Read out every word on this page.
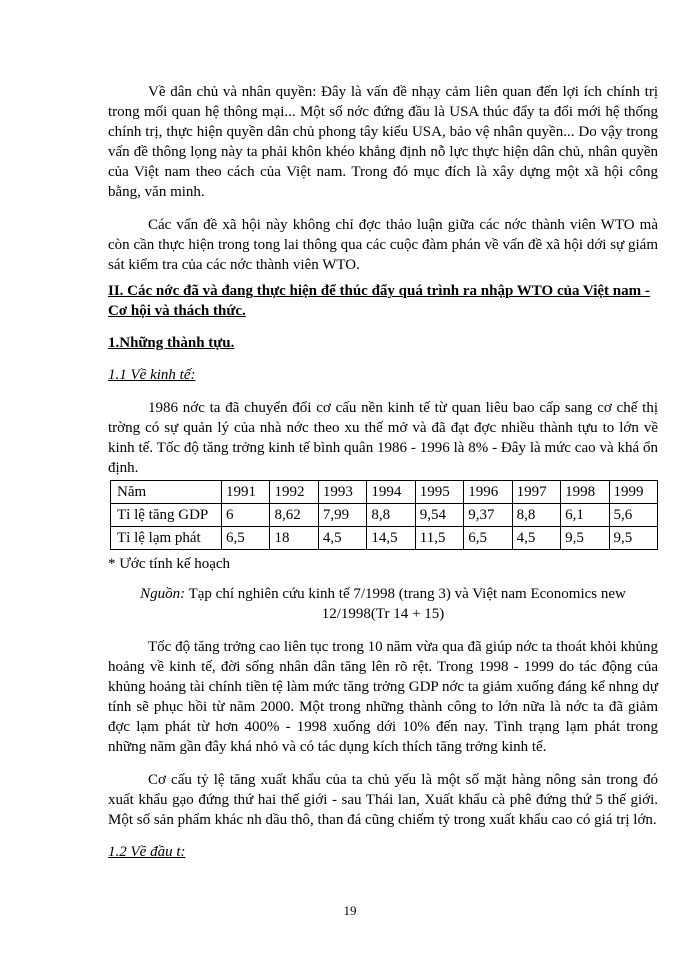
Về dân chủ và nhân quyền: Đây là vấn đề nhạy cảm liên quan đến lợi ích chính trị trong mối quan hệ thông mại... Một số nớc đứng đầu là USA thúc đẩy ta đổi mới hệ thống chính trị, thực hiện quyền dân chủ phong tây kiểu USA, bảo vệ nhân quyền... Do vậy trong vấn đề thông lọng này ta phải khôn khéo khẳng định nỗ lực thực hiện dân chủ, nhân quyền của Việt nam theo cách của Việt nam. Trong đó mục đích là xây dựng một xã hội công bằng, văn minh.

Các vấn đề xã hội này không chỉ đợc thảo luận giữa các nớc thành viên WTO mà còn cần thực hiện trong tong lai thông qua các cuộc đàm phán về vấn đề xã hội dới sự giám sát kiểm tra của các nớc thành viên WTO.

II. Các nớc đã và đang thực hiện để thúc đẩy quá trình ra nhập WTO của Việt nam - Cơ hội và thách thức.

1.Những thành tựu.

1.1 Về kinh tế:

1986 nớc ta đã chuyển đổi cơ cấu nền kinh tế từ quan liêu bao cấp sang cơ chế thị trờng có sự quản lý của nhà nớc theo xu thế mở và đã đạt đợc nhiều thành tựu to lớn về kinh tế. Tốc độ tăng trởng kinh tế bình quân 1986 - 1996 là 8% - Đây là mức cao và khá ổn định.

Năm	1991	1992	1993	1994	1995	1996	1997	1998	1999
Tỉ lệ tăng GDP	6	8,62	7,99	8,8	9,54	9,37	8,8	6,1	5,6
Tỉ lệ lạm phát	6,5	18	4,5	14,5	11,5	6,5	4,5	9,5	9,5

* Ước tính kế hoạch

Nguồn: Tạp chí nghiên cứu kinh tế 7/1998 (trang 3) và Việt nam Economics new 12/1998(Tr 14 + 15)

Tốc độ tăng trởng cao liên tục trong 10 năm vừa qua đã giúp nớc ta thoát khỏi khủng hoảng về kinh tế, đời sống nhân dân tăng lên rõ rệt. Trong 1998 - 1999 do tác động của khủng hoảng tài chính tiền tệ làm mức tăng trởng GDP nớc ta giảm xuống đáng kể nhng dự tính sẽ phục hồi từ năm 2000. Một trong những thành công to lớn nữa là nớc ta đã giảm đợc lạm phát từ hơn 400% - 1998 xuống dới 10% đến nay. Tình trạng lạm phát trong những năm gần đây khá nhỏ và có tác dụng kích thích tăng trởng kinh tế.

Cơ cấu tỷ lệ tăng xuất khẩu của ta chủ yếu là một số mặt hàng nông sản trong đó xuất khẩu gạo đứng thứ hai thế giới - sau Thái lan, Xuất khẩu cà phê đứng thứ 5 thế giới. Một số sản phẩm khác nh dầu thô, than đá cũng chiếm tỷ trong xuất khẩu cao có giá trị lớn.

1.2 Về đầu t:

19
